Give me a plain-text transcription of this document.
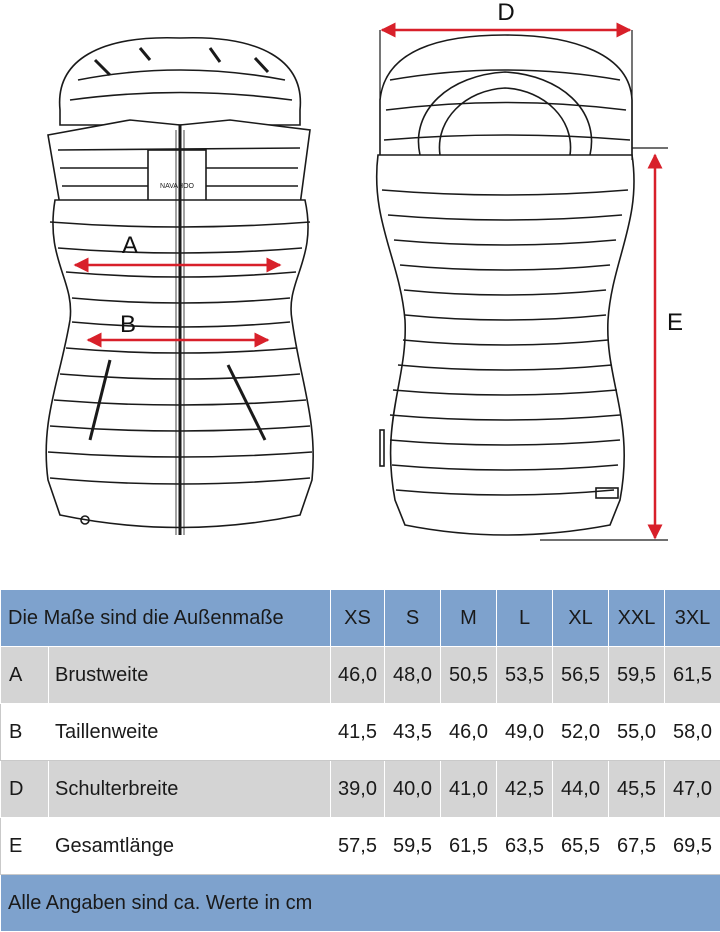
NAVAHOO
A
B
D
E
Die Maße sind die Außenmaße		XS	S	M	L	XL	XXL	3XL
A	Brustweite	46,0	48,0	50,5	53,5	56,5	59,5	61,5
B	Taillenweite	41,5	43,5	46,0	49,0	52,0	55,0	58,0
D	Schulterbreite	39,0	40,0	41,0	42,5	44,0	45,5	47,0
E	Gesamtlänge	57,5	59,5	61,5	63,5	65,5	67,5	69,5
Alle Angaben sind ca. Werte in cm								
